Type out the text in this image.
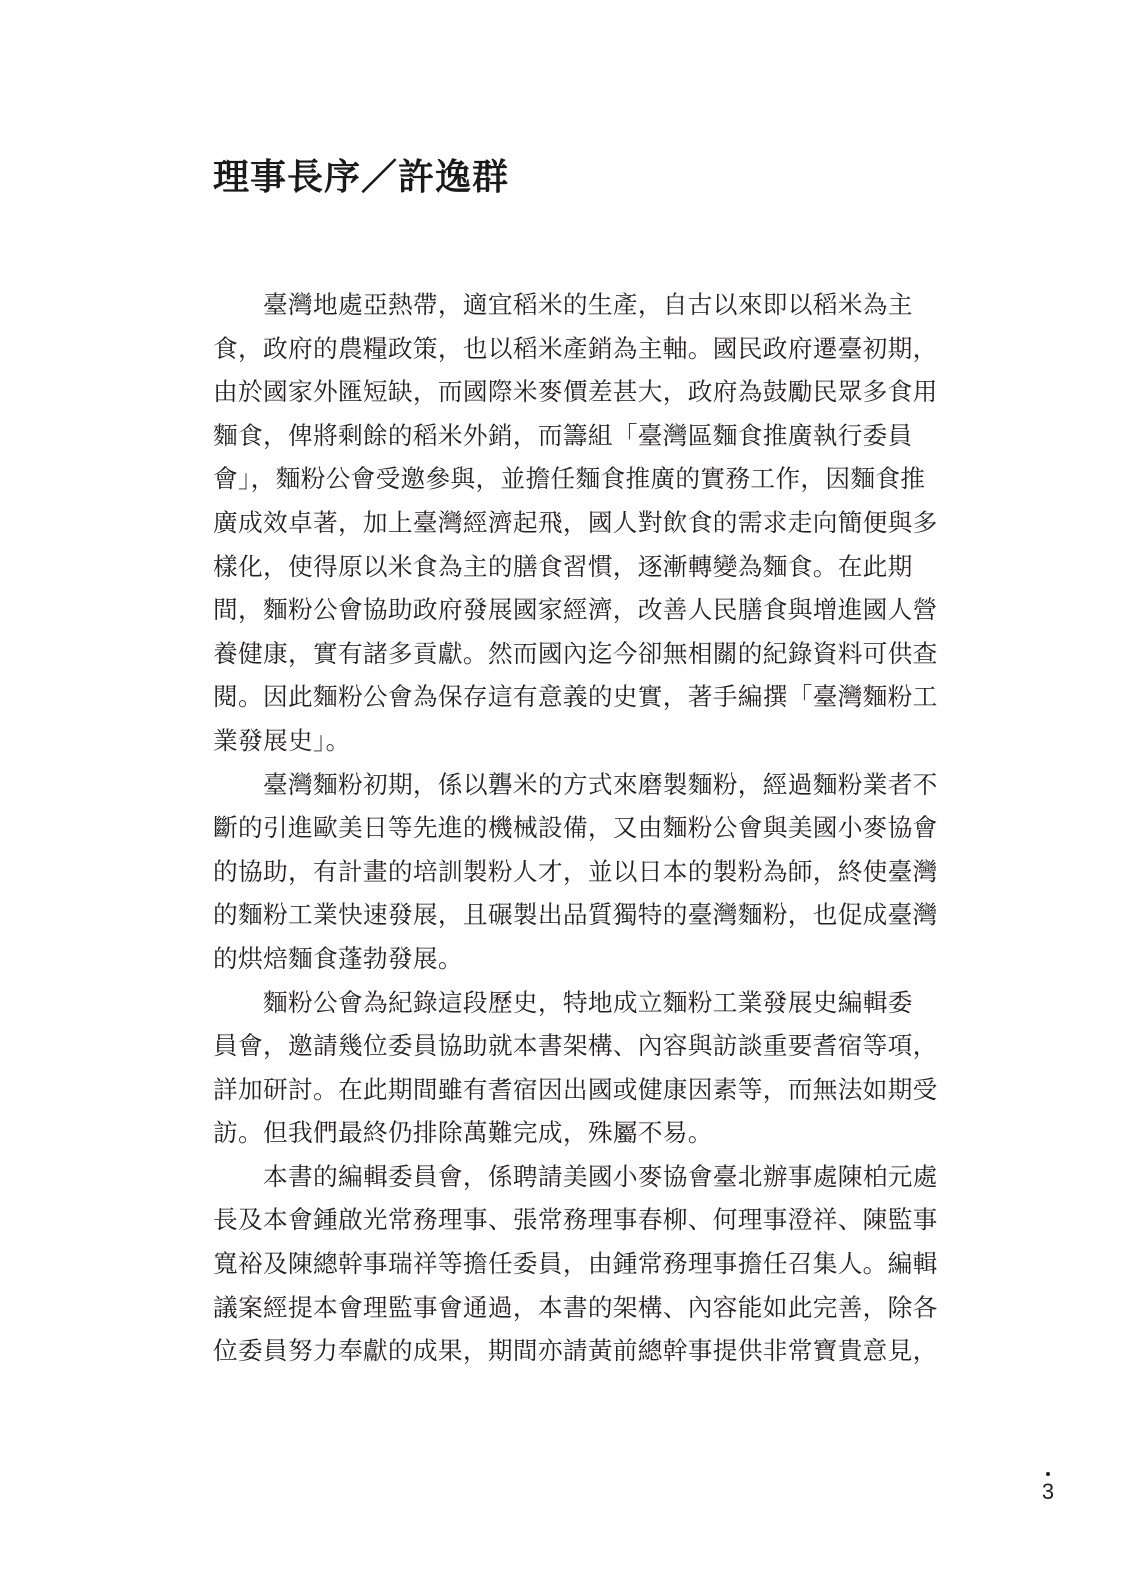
理事長序／許逸群

臺灣地處亞熱帶，適宜稻米的生產，自古以來即以稻米為主
食，政府的農糧政策，也以稻米產銷為主軸。國民政府遷臺初期，
由於國家外匯短缺，而國際米麥價差甚大，政府為鼓勵民眾多食用
麵食，俾將剩餘的稻米外銷，而籌組「臺灣區麵食推廣執行委員
會」，麵粉公會受邀參與，並擔任麵食推廣的實務工作，因麵食推
廣成效卓著，加上臺灣經濟起飛，國人對飲食的需求走向簡便與多
樣化，使得原以米食為主的膳食習慣，逐漸轉變為麵食。在此期
間，麵粉公會協助政府發展國家經濟，改善人民膳食與增進國人營
養健康，實有諸多貢獻。然而國內迄今卻無相關的紀錄資料可供查
閱。因此麵粉公會為保存這有意義的史實，著手編撰「臺灣麵粉工
業發展史」。

臺灣麵粉初期，係以礱米的方式來磨製麵粉，經過麵粉業者不
斷的引進歐美日等先進的機械設備，又由麵粉公會與美國小麥協會
的協助，有計畫的培訓製粉人才，並以日本的製粉為師，終使臺灣
的麵粉工業快速發展，且碾製出品質獨特的臺灣麵粉，也促成臺灣
的烘焙麵食蓬勃發展。

麵粉公會為紀錄這段歷史，特地成立麵粉工業發展史編輯委
員會，邀請幾位委員協助就本書架構、內容與訪談重要耆宿等項，
詳加研討。在此期間雖有耆宿因出國或健康因素等，而無法如期受
訪。但我們最終仍排除萬難完成，殊屬不易。

本書的編輯委員會，係聘請美國小麥協會臺北辦事處陳柏元處
長及本會鍾啟光常務理事、張常務理事春柳、何理事澄祥、陳監事
寬裕及陳總幹事瑞祥等擔任委員，由鍾常務理事擔任召集人。編輯
議案經提本會理監事會通過，本書的架構、內容能如此完善，除各
位委員努力奉獻的成果，期間亦請黃前總幹事提供非常寶貴意見，

3
